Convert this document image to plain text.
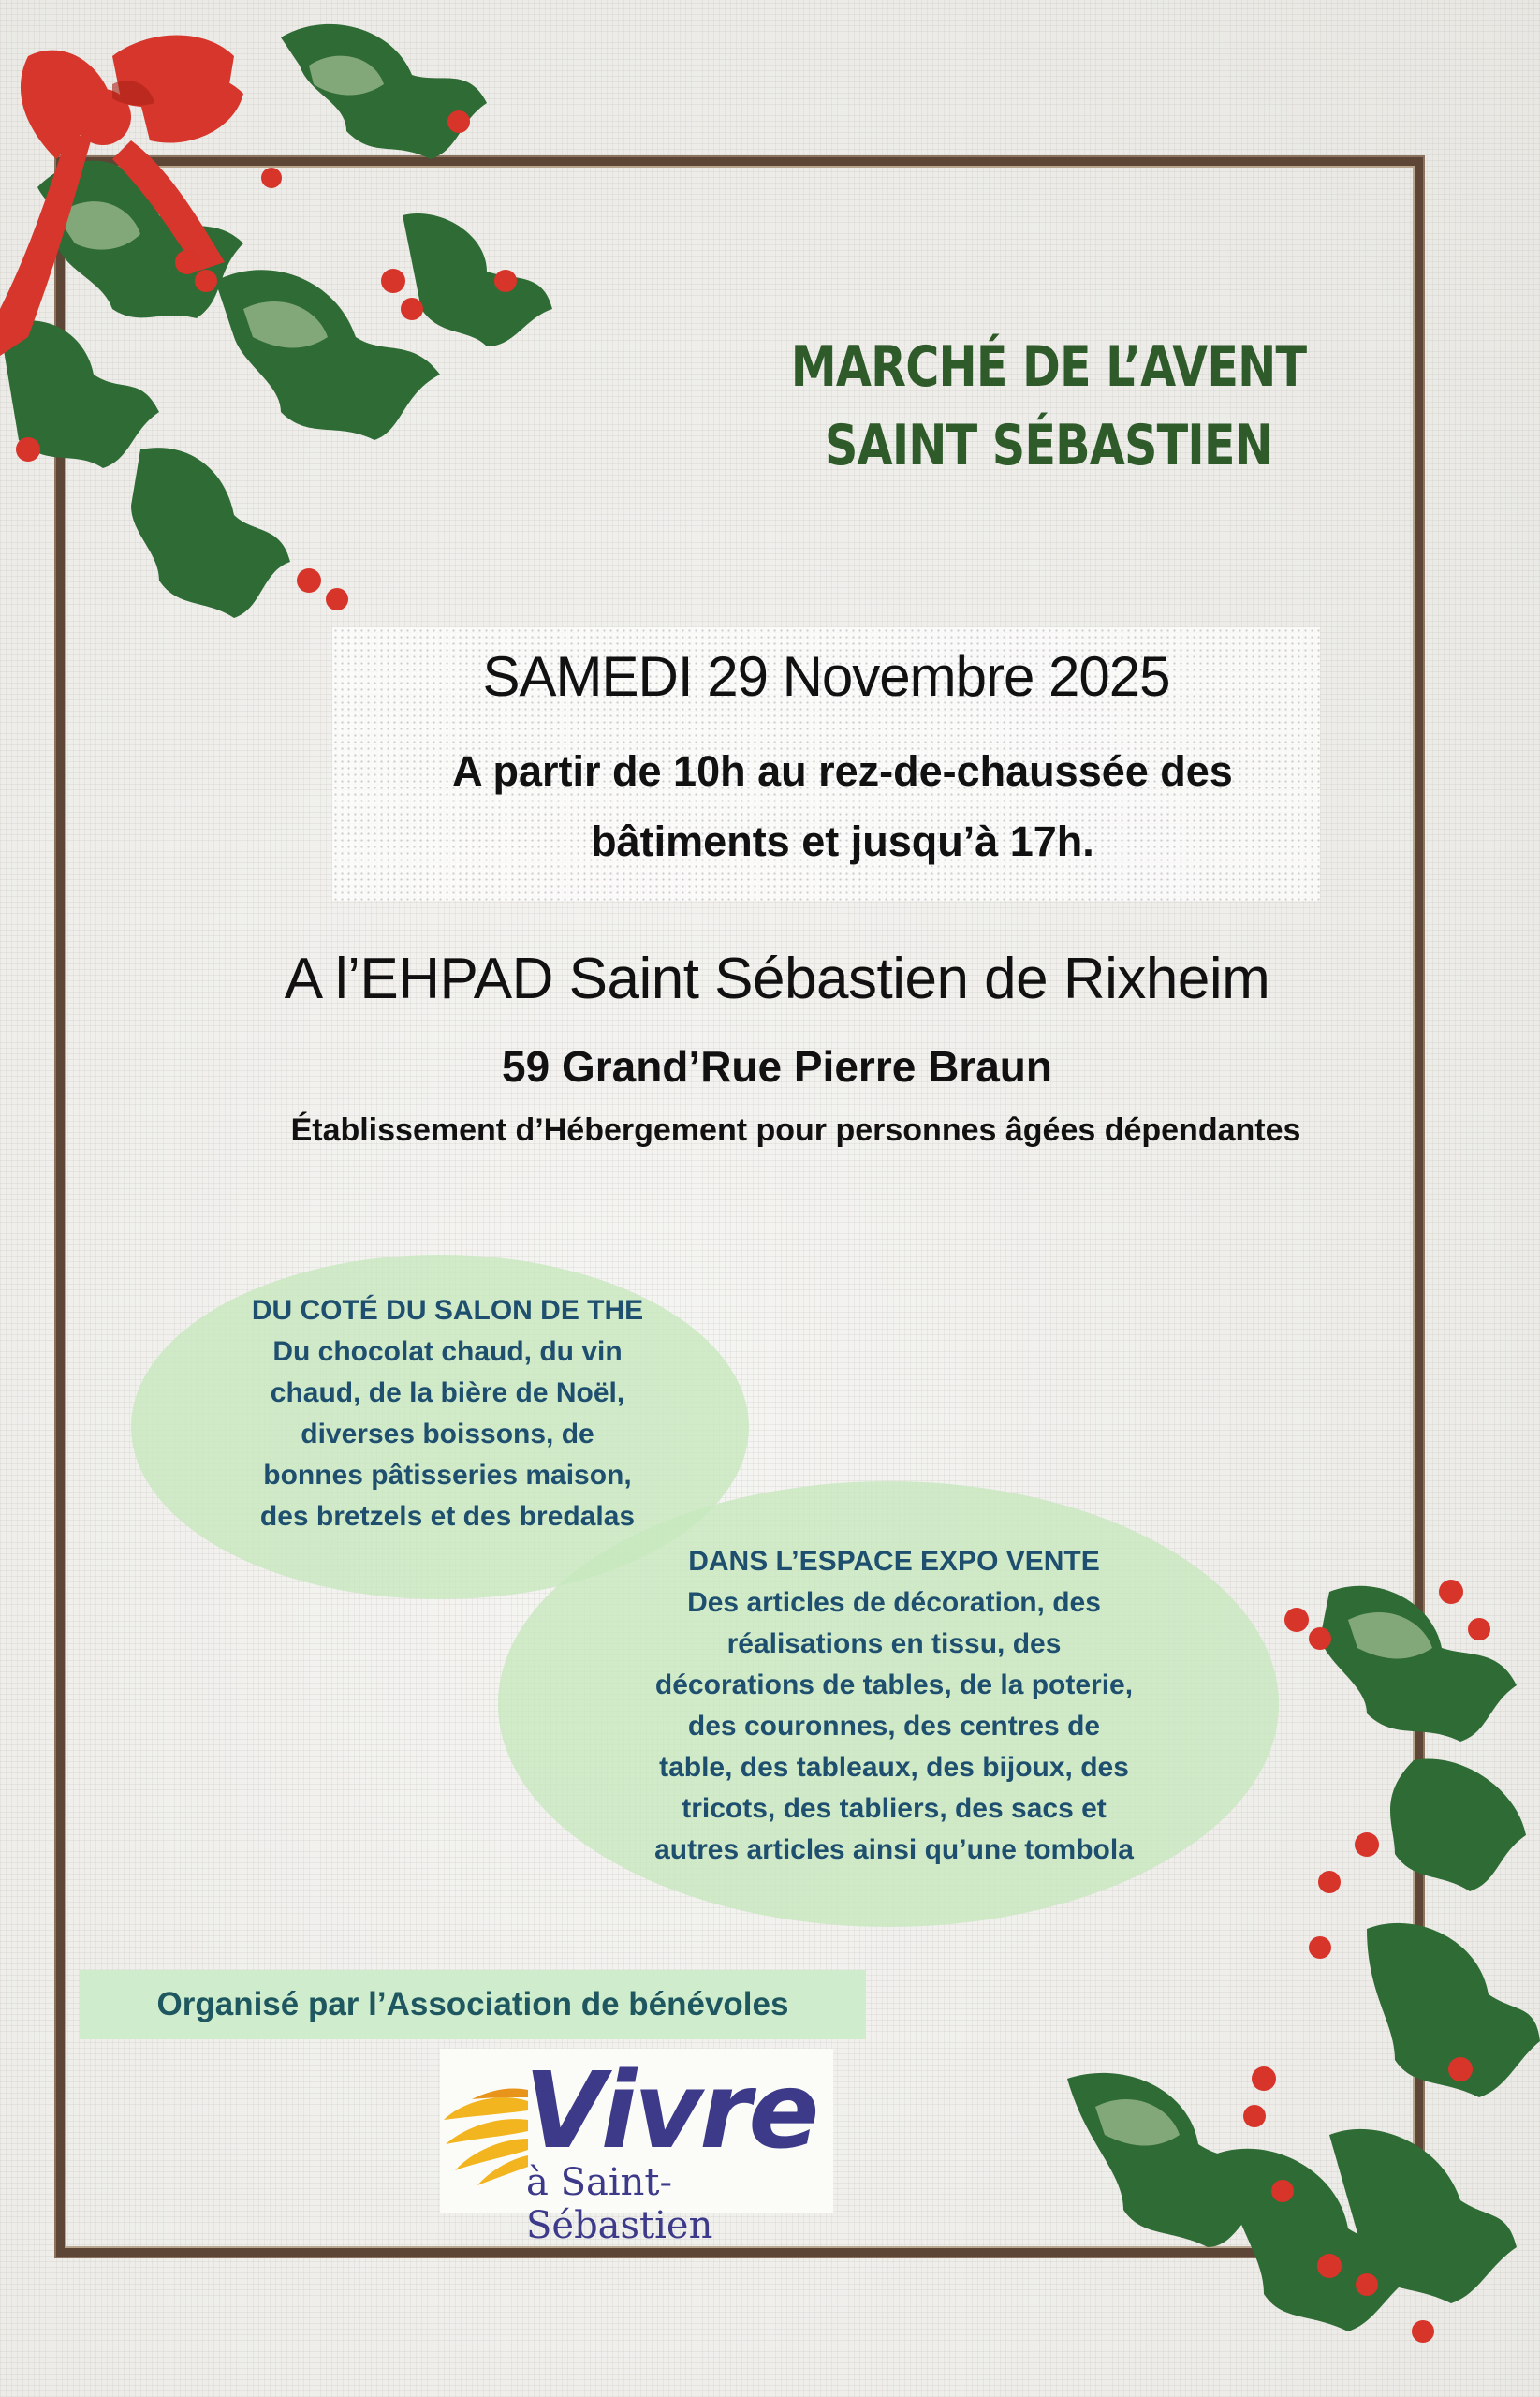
MARCHÉ DE L’AVENT
SAINT SÉBASTIEN
SAMEDI 29 Novembre 2025
A partir de 10h au rez-de-chaussée des
bâtiments et jusqu’à 17h.
A l’EHPAD Saint Sébastien de Rixheim
59 Grand’Rue Pierre Braun
Établissement d’Hébergement pour personnes âgées dépendantes
DU COTÉ DU SALON DE THE
Du chocolat chaud, du vin
chaud, de la bière de Noël,
diverses boissons, de
bonnes pâtisseries maison,
des bretzels et des bredalas
DANS L’ESPACE EXPO VENTE
Des articles de décoration, des
réalisations en tissu, des
décorations de tables, de la poterie,
des couronnes, des centres de
table, des tableaux, des bijoux, des
tricots, des tabliers, des sacs et
autres articles ainsi qu’une tombola
Organisé par l’Association de bénévoles
Vivre
à Saint-Sébastien
